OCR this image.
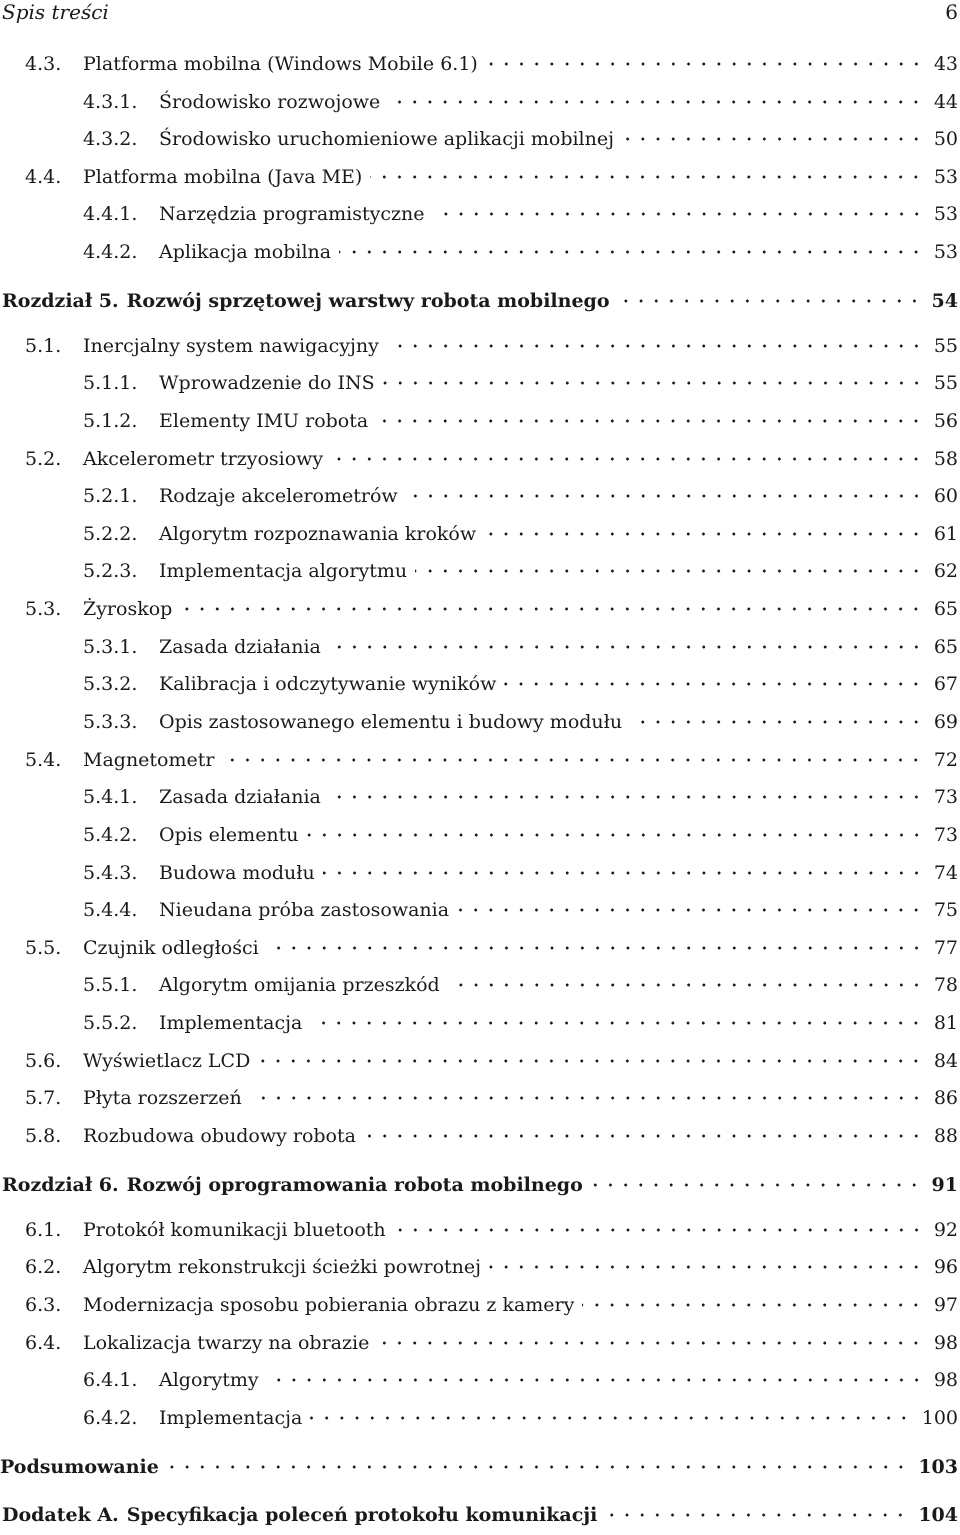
Spis treści	6
4.3.	Platforma mobilna (Windows Mobile 6.1)	43
4.3.1.	Środowisko rozwojowe	44
4.3.2.	Środowisko uruchomieniowe aplikacji mobilnej	50
4.4.	Platforma mobilna (Java ME)	53
4.4.1.	Narzędzia programistyczne	53
4.4.2.	Aplikacja mobilna	53
Rozdział 5. Rozwój sprzętowej warstwy robota mobilnego	54
5.1.	Inercjalny system nawigacyjny	55
5.1.1.	Wprowadzenie do INS	55
5.1.2.	Elementy IMU robota	56
5.2.	Akcelerometr trzyosiowy	58
5.2.1.	Rodzaje akcelerometrów	60
5.2.2.	Algorytm rozpoznawania kroków	61
5.2.3.	Implementacja algorytmu	62
5.3.	Żyroskop	65
5.3.1.	Zasada działania	65
5.3.2.	Kalibracja i odczytywanie wyników	67
5.3.3.	Opis zastosowanego elementu i budowy modułu	69
5.4.	Magnetometr	72
5.4.1.	Zasada działania	73
5.4.2.	Opis elementu	73
5.4.3.	Budowa modułu	74
5.4.4.	Nieudana próba zastosowania	75
5.5.	Czujnik odległości	77
5.5.1.	Algorytm omijania przeszkód	78
5.5.2.	Implementacja	81
5.6.	Wyświetlacz LCD	84
5.7.	Płyta rozszerzeń	86
5.8.	Rozbudowa obudowy robota	88
Rozdział 6. Rozwój oprogramowania robota mobilnego	91
6.1.	Protokół komunikacji bluetooth	92
6.2.	Algorytm rekonstrukcji ścieżki powrotnej	96
6.3.	Modernizacja sposobu pobierania obrazu z kamery	97
6.4.	Lokalizacja twarzy na obrazie	98
6.4.1.	Algorytmy	98
6.4.2.	Implementacja	100
Podsumowanie	103
Dodatek A. Specyfikacja poleceń protokołu komunikacji	104
